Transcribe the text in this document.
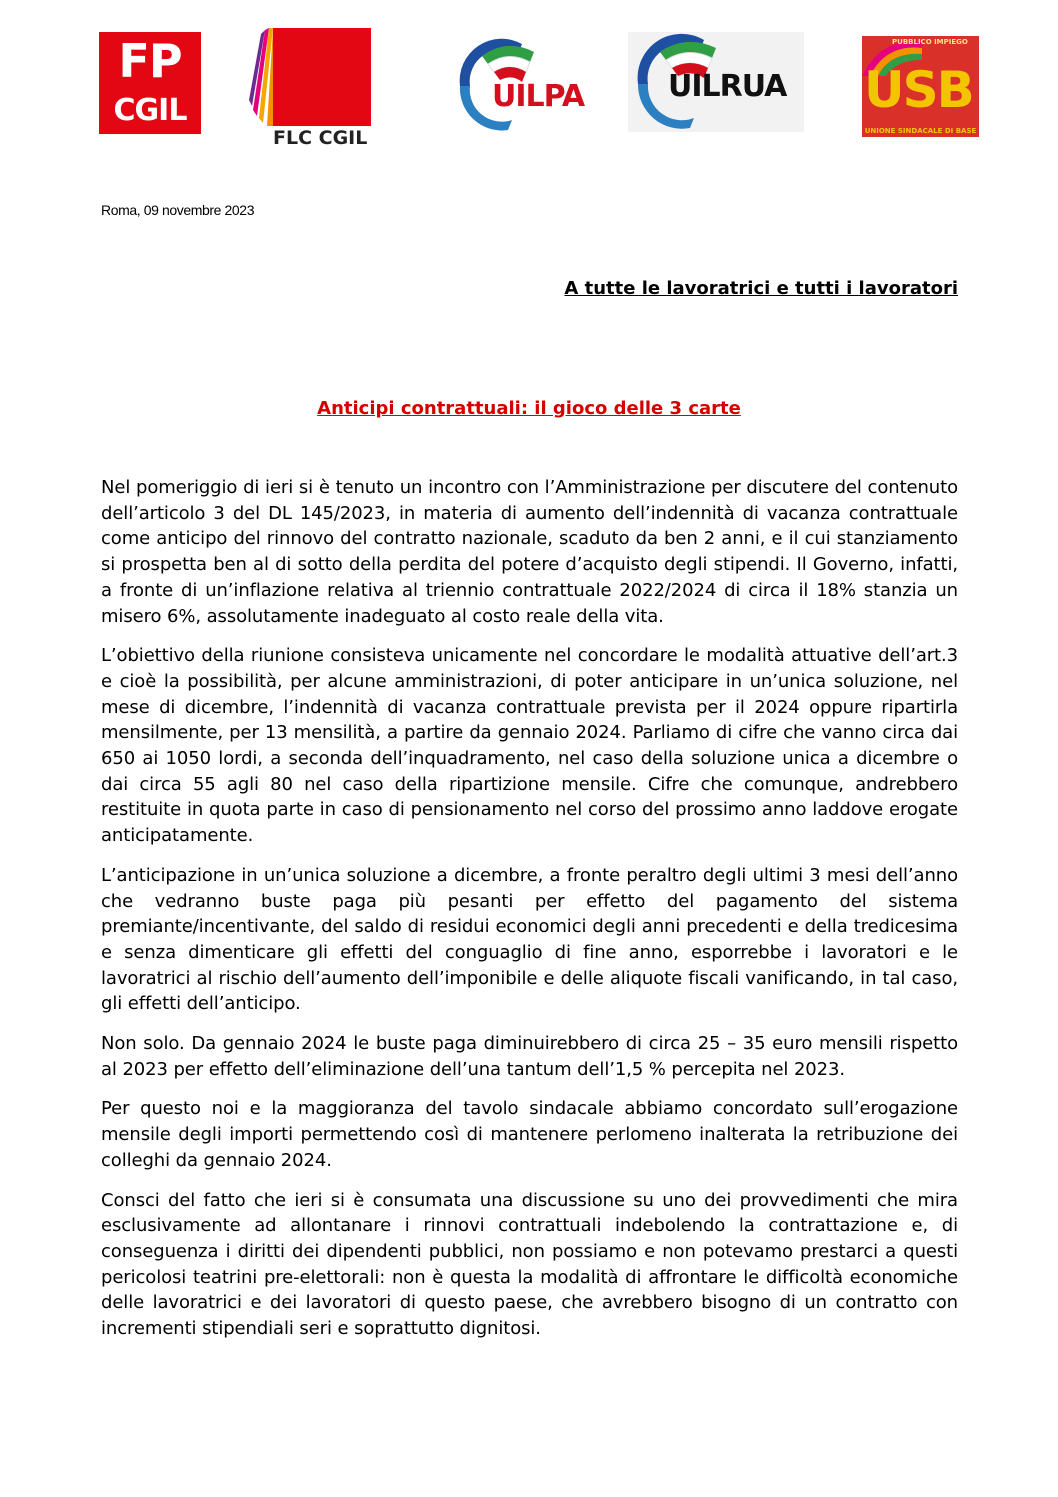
FP
CGIL
FLC CGIL
UILPA	UILRUA
PUBBLICO IMPIEGO
USB
UNIONE SINDACALE DI BASE
Roma, 09 novembre 2023
A tutte le lavoratrici e tutti i lavoratori
Anticipi contrattuali: il gioco delle 3 carte

Nel pomeriggio di ieri si è tenuto un incontro con l’Amministrazione per discutere del contenuto dell’articolo 3 del DL 145/2023, in materia di aumento dell’indennità di vacanza contrattuale come anticipo del rinnovo del contratto nazionale, scaduto da ben 2 anni, e il cui stanziamento si prospetta ben al di sotto della perdita del potere d’acquisto degli stipendi. Il Governo, infatti, a fronte di un’inflazione relativa al triennio contrattuale 2022/2024 di circa il 18% stanzia un misero 6%, assolutamente inadeguato al costo reale della vita.

L’obiettivo della riunione consisteva unicamente nel concordare le modalità attuative dell’art.3 e cioè la possibilità, per alcune amministrazioni, di poter anticipare in un’unica soluzione, nel mese di dicembre, l’indennità di vacanza contrattuale prevista per il 2024 oppure ripartirla mensilmente, per 13 mensilità, a partire da gennaio 2024. Parliamo di cifre che vanno circa dai 650 ai 1050 lordi, a seconda dell’inquadramento, nel caso della soluzione unica a dicembre o dai circa 55 agli 80 nel caso della ripartizione mensile. Cifre che comunque, andrebbero restituite in quota parte in caso di pensionamento nel corso del prossimo anno laddove erogate anticipatamente.

L’anticipazione in un’unica soluzione a dicembre, a fronte peraltro degli ultimi 3 mesi dell’anno che vedranno buste paga più pesanti per effetto del pagamento del sistema premiante/incentivante, del saldo di residui economici degli anni precedenti e della tredicesima e senza dimenticare gli effetti del conguaglio di fine anno, esporrebbe i lavoratori e le lavoratrici al rischio dell’aumento dell’imponibile e delle aliquote fiscali vanificando, in tal caso, gli effetti dell’anticipo.

Non solo. Da gennaio 2024 le buste paga diminuirebbero di circa 25 – 35 euro mensili rispetto al 2023 per effetto dell’eliminazione dell’una tantum dell’1,5 % percepita nel 2023.

Per questo noi e la maggioranza del tavolo sindacale abbiamo concordato sull’erogazione mensile degli importi permettendo così di mantenere perlomeno inalterata la retribuzione dei colleghi da gennaio 2024.

Consci del fatto che ieri si è consumata una discussione su uno dei provvedimenti che mira esclusivamente ad allontanare i rinnovi contrattuali indebolendo la contrattazione e, di conseguenza i diritti dei dipendenti pubblici, non possiamo e non potevamo prestarci a questi pericolosi teatrini pre-elettorali: non è questa la modalità di affrontare le difficoltà economiche delle lavoratrici e dei lavoratori di questo paese, che avrebbero bisogno di un contratto con incrementi stipendiali seri e soprattutto dignitosi.
